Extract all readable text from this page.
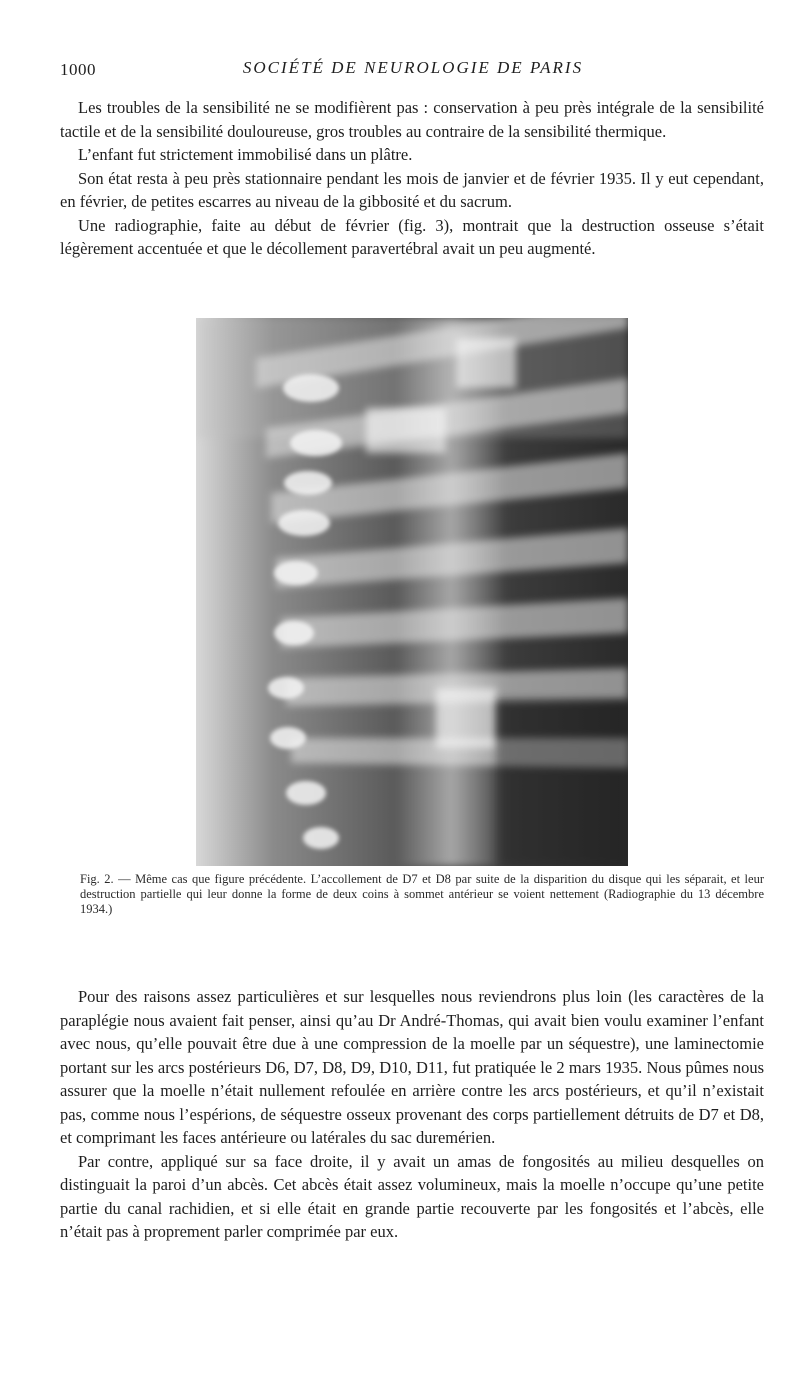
1000	SOCIÉTÉ DE NEUROLOGIE DE PARIS

Les troubles de la sensibilité ne se modifièrent pas : conservation à peu près intégrale de la sensibilité tactile et de la sensibilité douloureuse, gros troubles au contraire de la sensibilité thermique.

L’enfant fut strictement immobilisé dans un plâtre.

Son état resta à peu près stationnaire pendant les mois de janvier et de février 1935. Il y eut cependant, en février, de petites escarres au niveau de la gibbosité et du sacrum.

Une radiographie, faite au début de février (fig. 3), montrait que la destruction osseuse s’était légèrement accentuée et que le décollement paravertébral avait un peu augmenté.

Fig. 2. — Même cas que figure précédente. L’accollement de D7 et D8 par suite de la disparition du disque qui les séparait, et leur destruction partielle qui leur donne la forme de deux coins à sommet antérieur se voient nettement (Radiographie du 13 décembre 1934.)

Pour des raisons assez particulières et sur lesquelles nous reviendrons plus loin (les caractères de la paraplégie nous avaient fait penser, ainsi qu’au Dr André-Thomas, qui avait bien voulu examiner l’enfant avec nous, qu’elle pouvait être due à une compression de la moelle par un séquestre), une laminectomie portant sur les arcs postérieurs D6, D7, D8, D9, D10, D11, fut pratiquée le 2 mars 1935. Nous pûmes nous assurer que la moelle n’était nullement refoulée en arrière contre les arcs postérieurs, et qu’il n’existait pas, comme nous l’espérions, de séquestre osseux provenant des corps partiellement détruits de D7 et D8, et comprimant les faces antérieure ou latérales du sac duremérien.

Par contre, appliqué sur sa face droite, il y avait un amas de fongosités au milieu desquelles on distinguait la paroi d’un abcès. Cet abcès était assez volumineux, mais la moelle n’occupe qu’une petite partie du canal rachidien, et si elle était en grande partie recouverte par les fongosités et l’abcès, elle n’était pas à proprement parler comprimée par eux.
